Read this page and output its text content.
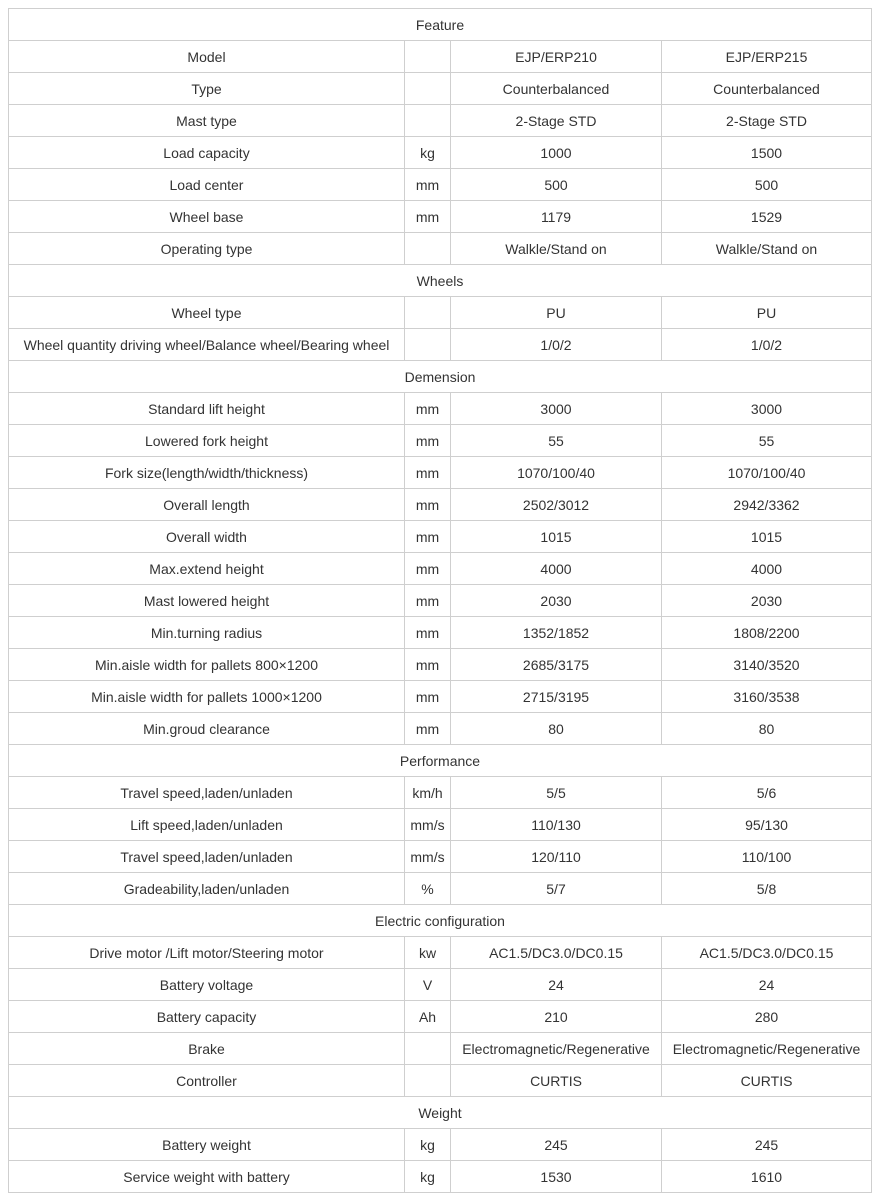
Feature			
Model		EJP/ERP210	EJP/ERP215
Type		Counterbalanced	Counterbalanced
Mast type		2-Stage STD	2-Stage STD
Load capacity	kg	1000	1500
Load center	mm	500	500
Wheel base	mm	1179	1529
Operating type		Walkle/Stand on	Walkle/Stand on
Wheels			
Wheel type		PU	PU
Wheel quantity driving wheel/Balance wheel/Bearing wheel		1/0/2	1/0/2
Demension			
Standard lift height	mm	3000	3000
Lowered fork height	mm	55	55
Fork size(length/width/thickness)	mm	1070/100/40	1070/100/40
Overall length	mm	2502/3012	2942/3362
Overall width	mm	1015	1015
Max.extend height	mm	4000	4000
Mast lowered height	mm	2030	2030
Min.turning radius	mm	1352/1852	1808/2200
Min.aisle width for pallets 800×1200	mm	2685/3175	3140/3520
Min.aisle width for pallets 1000×1200	mm	2715/3195	3160/3538
Min.groud clearance	mm	80	80
Performance			
Travel speed,laden/unladen	km/h	5/5	5/6
Lift speed,laden/unladen	mm/s	110/130	95/130
Travel speed,laden/unladen	mm/s	120/110	110/100
Gradeability,laden/unladen	%	5/7	5/8
Electric configuration			
Drive motor /Lift motor/Steering motor	kw	AC1.5/DC3.0/DC0.15	AC1.5/DC3.0/DC0.15
Battery voltage	V	24	24
Battery capacity	Ah	210	280
Brake		Electromagnetic/Regenerative	Electromagnetic/Regenerative
Controller		CURTIS	CURTIS
Weight			
Battery weight	kg	245	245
Service weight with battery	kg	1530	1610
